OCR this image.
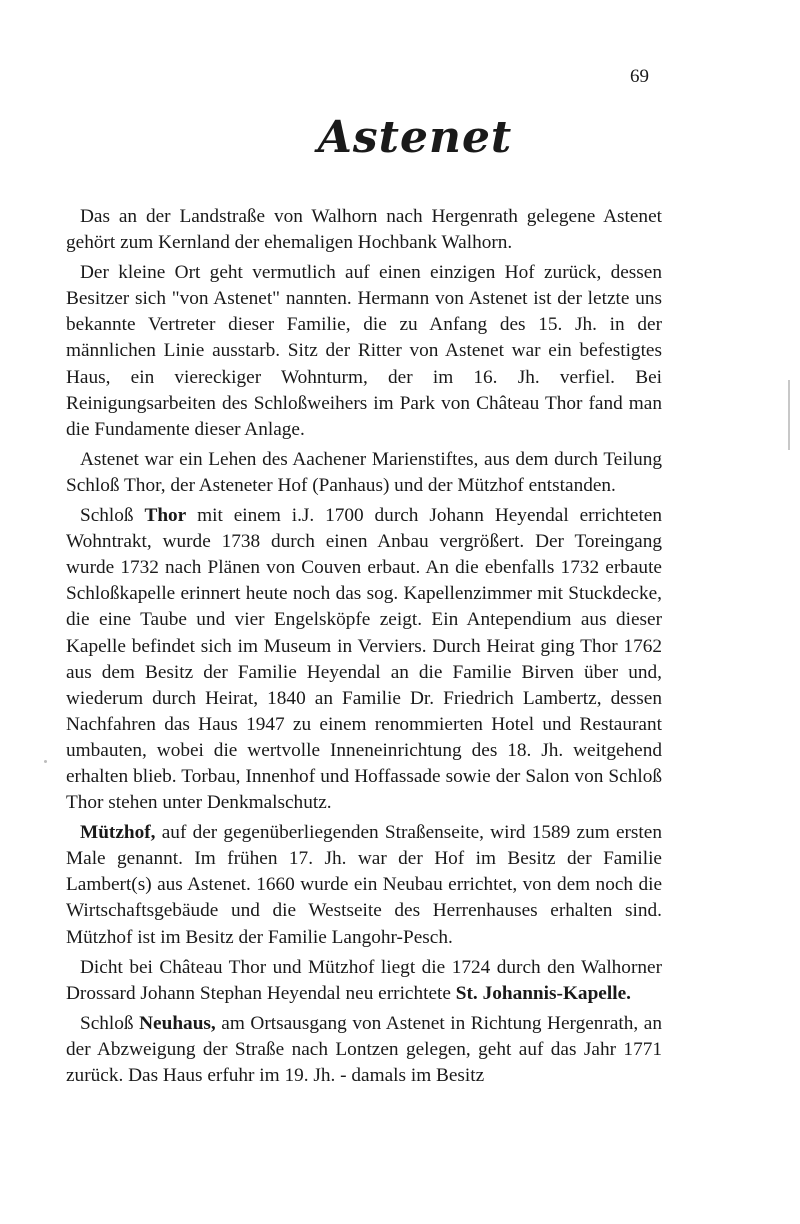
69
Astenet

Das an der Landstraße von Walhorn nach Hergenrath gelegene Astenet gehört zum Kernland der ehemaligen Hochbank Walhorn.

Der kleine Ort geht vermutlich auf einen einzigen Hof zurück, dessen Besitzer sich "von Astenet" nannten. Hermann von Astenet ist der letzte uns bekannte Vertreter dieser Familie, die zu Anfang des 15. Jh. in der männlichen Linie ausstarb. Sitz der Ritter von Astenet war ein befestigtes Haus, ein viereckiger Wohnturm, der im 16. Jh. verfiel. Bei Reinigungsarbeiten des Schloßweihers im Park von Château Thor fand man die Fundamente dieser Anlage.

Astenet war ein Lehen des Aachener Marienstiftes, aus dem durch Teilung Schloß Thor, der Asteneter Hof (Panhaus) und der Mützhof entstanden.

Schloß Thor mit einem i.J. 1700 durch Johann Heyendal errichteten Wohntrakt, wurde 1738 durch einen Anbau vergrößert. Der Toreingang wurde 1732 nach Plänen von Couven erbaut. An die ebenfalls 1732 erbaute Schloßkapelle erinnert heute noch das sog. Kapellenzimmer mit Stuckdecke, die eine Taube und vier Engelsköpfe zeigt. Ein Antependium aus dieser Kapelle befindet sich im Museum in Verviers. Durch Heirat ging Thor 1762 aus dem Besitz der Familie Heyendal an die Familie Birven über und, wiederum durch Heirat, 1840 an Familie Dr. Friedrich Lambertz, dessen Nachfahren das Haus 1947 zu einem renommierten Hotel und Restaurant umbauten, wobei die wertvolle Inneneinrichtung des 18. Jh. weitgehend erhalten blieb. Torbau, Innenhof und Hoffassade sowie der Salon von Schloß Thor stehen unter Denkmalschutz.

Mützhof, auf der gegenüberliegenden Straßenseite, wird 1589 zum ersten Male genannt. Im frühen 17. Jh. war der Hof im Besitz der Familie Lambert(s) aus Astenet. 1660 wurde ein Neubau errichtet, von dem noch die Wirtschaftsgebäude und die Westseite des Herrenhauses erhalten sind. Mützhof ist im Besitz der Familie Langohr-Pesch.

Dicht bei Château Thor und Mützhof liegt die 1724 durch den Walhorner Drossard Johann Stephan Heyendal neu errichtete St. Johannis-Kapelle.

Schloß Neuhaus, am Ortsausgang von Astenet in Richtung Hergenrath, an der Abzweigung der Straße nach Lontzen gelegen, geht auf das Jahr 1771 zurück. Das Haus erfuhr im 19. Jh. - damals im Besitz
